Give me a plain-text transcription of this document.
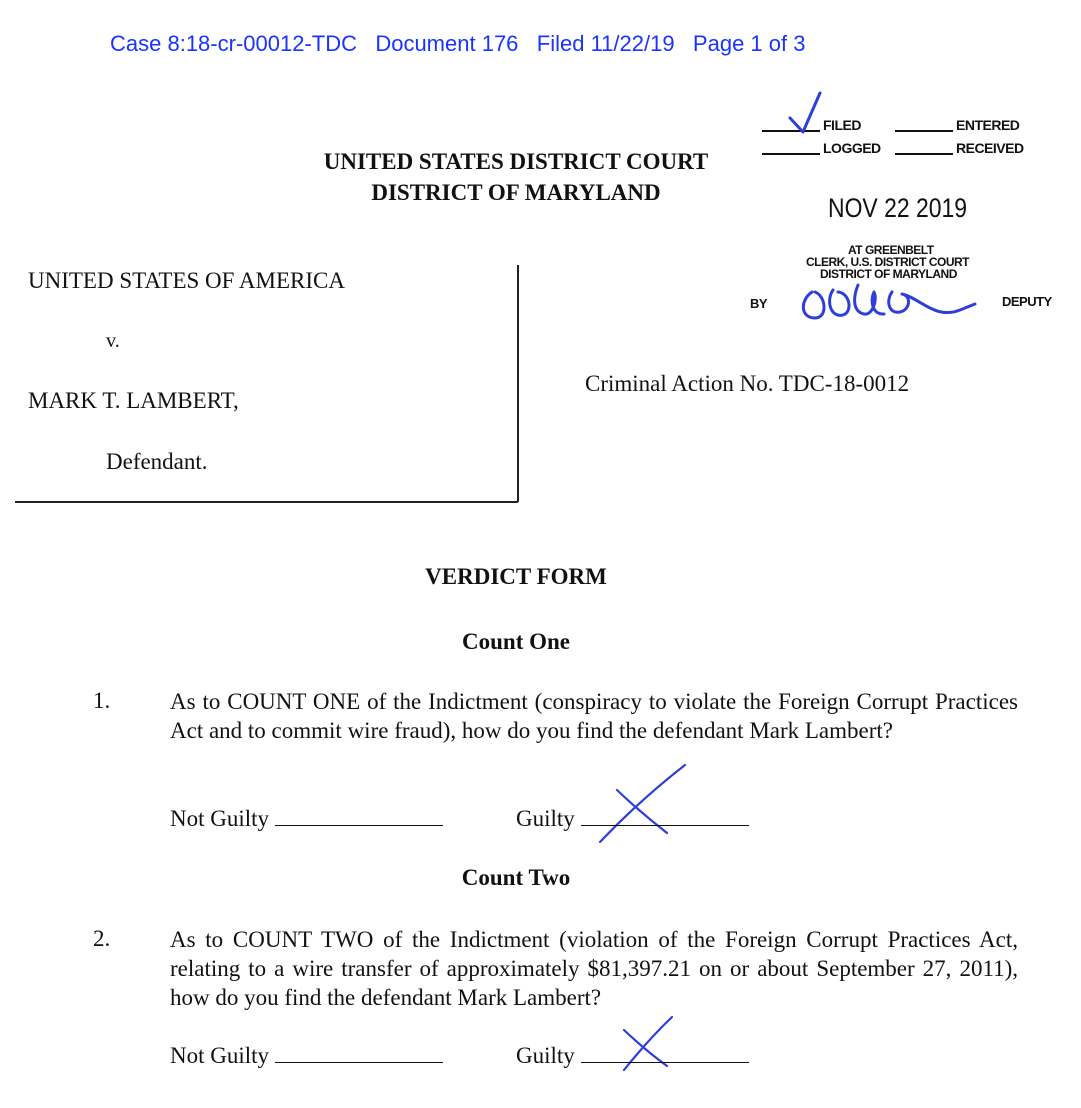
Case 8:18-cr-00012-TDC Document 176 Filed 11/22/19 Page 1 of 3
UNITED STATES DISTRICT COURT
DISTRICT OF MARYLAND
FILED	ENTERED
LOGGED	RECEIVED
NOV 22 2019
AT GREENBELT
CLERK, U.S. DISTRICT COURT
DISTRICT OF MARYLAND
BY	DEPUTY
UNITED STATES OF AMERICA
v.
MARK T. LAMBERT,
Defendant.
Criminal Action No. TDC-18-0012
VERDICT FORM
Count One
1.	As to COUNT ONE of the Indictment (conspiracy to violate the Foreign Corrupt Practices Act and to commit wire fraud), how do you find the defendant Mark Lambert?
Not Guilty	Guilty
Count Two
2.	As to COUNT TWO of the Indictment (violation of the Foreign Corrupt Practices Act, relating to a wire transfer of approximately $81,397.21 on or about September 27, 2011), how do you find the defendant Mark Lambert?
Not Guilty	Guilty
